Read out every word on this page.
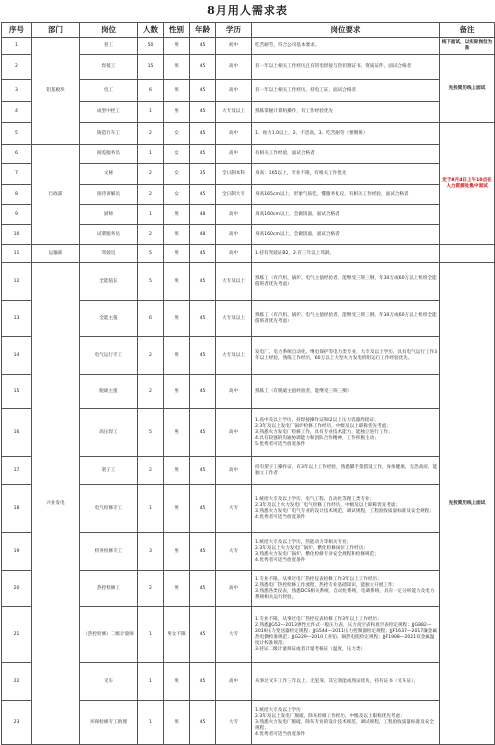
8月用人需求表
序号	部门	岗位	人数	性别	年龄	学历	岗位要求	备注
1	铝基板块	普工	50	男	45	初中	吃苦耐劳，符合公司基本要求。	线下面试，以实际岗位为准
2		焊接工	15	男	45	高中	有一年以上相关工作经历且有铝电焊接与热切割证书，资质证件，面试合格者	先投简历线上面试
3		电工	6	男	45	高中	有一年以上相关工作经历，持电工证，面试合格者	
4		成型中控工	1	男	45	大专及以上	熟练掌握计算机操作，有工作经验优先	
5		铸造行车工	2	女	45	高中	1、视力1.0以上，2、不恐高，3、吃苦耐劳（要倒班）	定于8月4日上午10点在人力资源处集中面试
6	行政部	阅览服务员	1	女	45	高中	有相关工作经验，面试合格者	
7		文秘	2	女	35	全日制本科	身高：165以上，专业不限，有相关工作优先	
8		接待讲解员	2	女	45	全日制大专	身高165cm以上，形象气质佳，懂服务礼仪，有相关工作经验，面试合格者	
9		厨师	1	男	48	高中	身高160cm以上，会做饭面，面试合格者	
10		试菜服务员	2	男	48	高中	身高160cm以上，会做饭面，面试合格者	
11	运输部	驾驶员	5	男	45	高中	1.持有驾驶证B2，2.有三年以上驾龄。	
12	兴业发电	全能值长	5	男	45	大专及以上	熟练工（有汽机、锅炉、电气主值经验者，能继受三班三倒，年30万或60万以上机组全能值班者优先考虑）	先投简历线上面试
13		全能主值	6	男	45	大专及以上	熟练工（有汽机、锅炉、电气主值经验者，能继受三班三倒，年30万或60万以上机组全能值班者优先考虑）	
14		电气运行专工	2	男	45	大专及以上	发电厂、电力系统自动化、继电保护等电力类专业，大专及以上学历，具有电气运行工作3年以上经验，熟练工作经历，60万以上大型火力发电机组运行工作经验优先。	
15		脱硫主值	2	男	45	高中	熟练工（有脱硫主值经验者，能继受三班三倒）	
16		高压焊工	5	男	45	高中	1.高中及以上学历，持焊接操作证和I2以上压力容器焊接证；
2.3年及以上发电厂锅炉检修工作经历，中级及以上职称优先考虑；
3.熟悉火力发电厂检修工作，具有专业技术能力，能独立进行工作；
4.具有较强的沟通协调能力和团队合作精神，工作积极主动；
5.优秀者可适当放宽条件	
17		架子工	2	男	45	高中	持有架子工操作证，有3年以上工作经验，熟悉脚手架搭设工作，身体健康，无恐高症，能独立工作者	
18		电气检修专工	1	男	45	大专	1.统招大专及以上学历，电气工程、自动化等理工类专业；
2.3年及以上火力发电厂电气检修工作经历，中级及以上职称优先考虑；
3.熟悉火力发电厂电气专业的设计技术规范，调试规程，工程验收质量标准及安全规程；
4.优秀者可适当放宽条件	
19		机务检修专工	3	男	45	大专	1.统招大专及以上学历，热能动力等相关专业；
2.3年及以上火力发电厂锅炉、燃化检修岗位工作经历；
3.熟悉火力发电厂锅炉、燃化检修专业安全规程和检修规范；
4.优秀者可适当放宽条件	
20		热控检修工	2	男	45	高中	1.专业不限，从事过电厂热控仪表检修工作3年以上工作经历；
2.熟悉电厂热控检修工作流程，热控专业基础知识，能独立开展工作；
3.熟悉各类仪表，熟悉DCS相关系统，自动化系统，电调系统，具有一定分析能力及电力系统相关运行经验。	
21		（热控检修）二级计量师	1	男女不限	45	大专	1.专业不限，从事过电厂热控仪表检修工作3年以上工作经历；
2.熟悉JJG52—2013弹性元件式一般压力表，压力真空表和真空表检定规程；JJG882—2019压力变送器检定规程；JJG544—2011压力控制器检定规程；JJF1637—2017廉金属热电偶校准规范；JJG229—2010工业铂、铜热电阻检定规程；JJF1908—2021双金属温度计校准规范；
3.持证二级计量师证或者计量考核证（温度，压力类）	
22		叉车	1	男	45	高中	从事过叉车工作三年以上，无犯罪，其它效能成熟证优先，持有证书（叉车证）。	
23		环保检修专工助理	1	男	45	大专	1.统招大专及以上学历
2.3年及以上发电厂脱硫、除灰检修工作经历，中级及以上职称优先考虑；
3.熟悉火力发电厂脱硫、除灰专业的设计技术规范，调试规程，工程验收质量标准及安全规程；
4.优秀者可适当放宽条件	
